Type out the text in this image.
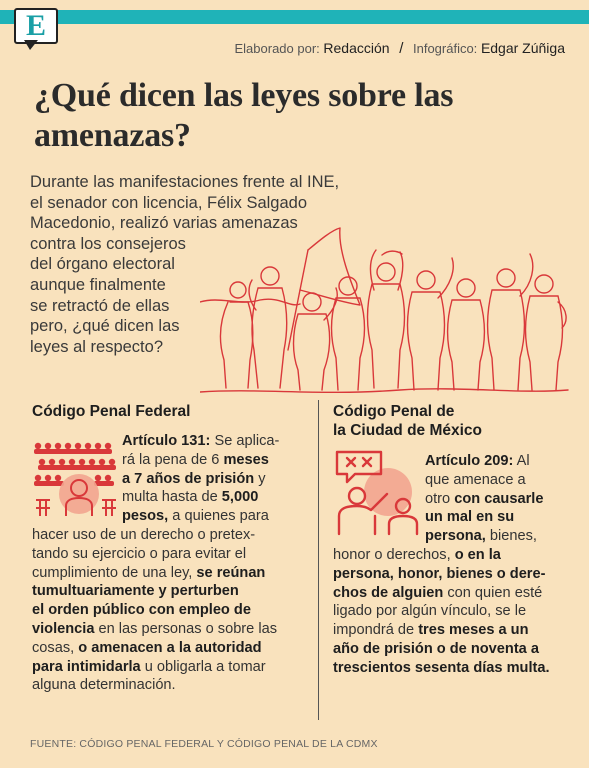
E
Elaborado por: Redacción / Infográfico: Edgar Zúñiga
¿Qué dicen las leyes sobre las
amenazas?

Durante las manifestaciones frente al INE,
el senador con licencia, Félix Salgado
Macedonio, realizó varias amenazas
contra los consejeros
del órgano electoral
aunque finalmente
se retractó de ellas
pero, ¿qué dicen las
leyes al respecto?

Código Penal Federal

Artículo 131: Se aplica-
rá la pena de 6 meses
a 7 años de prisión y
multa hasta de 5,000
pesos, a quienes para
hacer uso de un derecho o pretex-
tando su ejercicio o para evitar el
cumplimiento de una ley, se reúnan
tumultuariamente y perturben
el orden público con empleo de
violencia en las personas o sobre las
cosas, o amenacen a la autoridad
para intimidarla u obligarla a tomar
alguna determinación.

Código Penal de
la Ciudad de México

Artículo 209: Al
que amenace a
otro con causarle
un mal en su
persona, bienes,
honor o derechos, o en la
persona, honor, bienes o dere-
chos de alguien con quien esté
ligado por algún vínculo, se le
impondrá de tres meses a un
año de prisión o de noventa a
trescientos sesenta días multa.

FUENTE: CÓDIGO PENAL FEDERAL Y CÓDIGO PENAL DE LA CDMX
